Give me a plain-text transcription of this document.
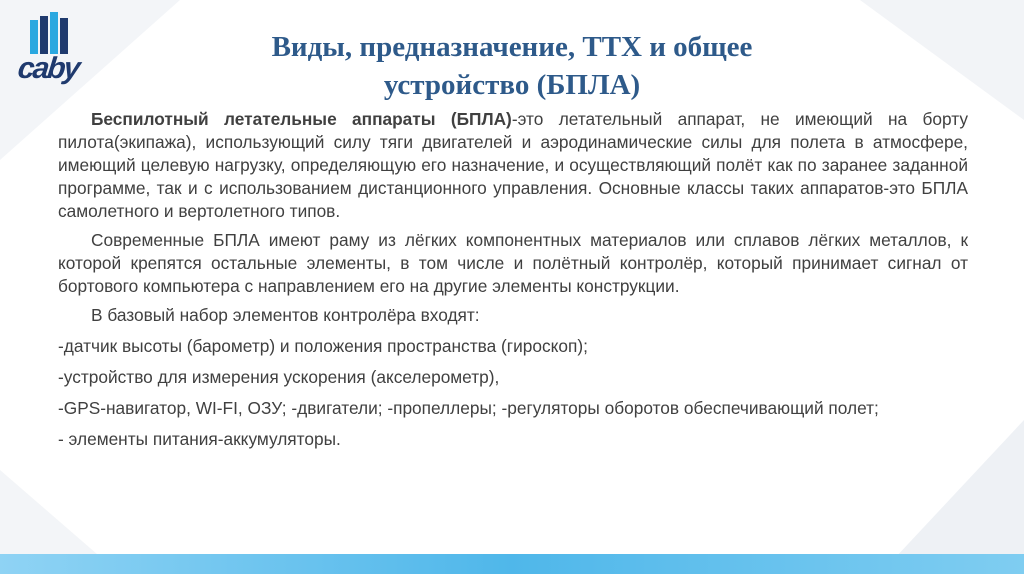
caby
Виды, предназначение, ТТХ и общее
устройство (БПЛА)

Беспилотный летательные аппараты (БПЛА)-это летательный аппарат, не имеющий на борту пилота(экипажа), использующий силу тяги двигателей и аэродинамические силы для полета в атмосфере, имеющий целевую нагрузку, определяющую его назначение, и осуществляющий полёт как по заранее заданной программе, так и с использованием дистанционного управления. Основные классы таких аппаратов-это БПЛА самолетного и вертолетного типов.

Современные БПЛА имеют раму из лёгких компонентных материалов или сплавов лёгких металлов, к которой крепятся остальные элементы, в том числе и полётный контролёр, который принимает сигнал от бортового компьютера с направлением его на другие элементы конструкции.

В базовый набор элементов контролёра входят:

-датчик высоты (барометр) и положения пространства (гироскоп);

-устройство для измерения ускорения (акселерометр),

-GPS-навигатор, WI-FI, ОЗУ; -двигатели; -пропеллеры; -регуляторы оборотов обеспечивающий полет;

- элементы питания-аккумуляторы.
